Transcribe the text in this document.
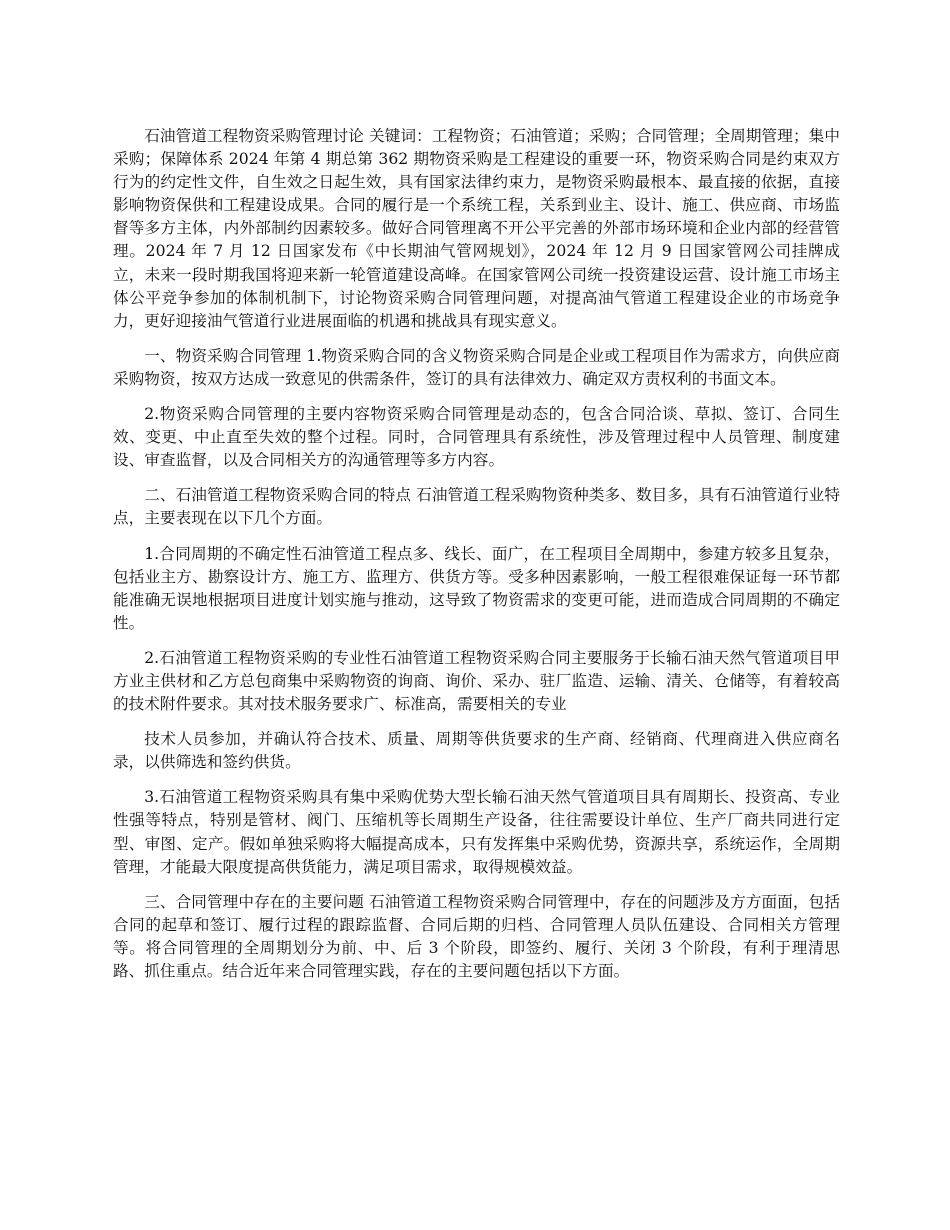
石油管道工程物资采购管理讨论 关键词：工程物资；石油管道；采购；合同管理；全周期管理；集中采购；保障体系 2024 年第 4 期总第 362 期物资采购是工程建设的重要一环，物资采购合同是约束双方行为的约定性文件，自生效之日起生效，具有国家法律约束力，是物资采购最根本、最直接的依据，直接影响物资保供和工程建设成果。合同的履行是一个系统工程，关系到业主、设计、施工、供应商、市场监督等多方主体，内外部制约因素较多。做好合同管理离不开公平完善的外部市场环境和企业内部的经营管理。2024 年 7 月 12 日国家发布《中长期油气管网规划》，2024 年 12 月 9 日国家管网公司挂牌成立，未来一段时期我国将迎来新一轮管道建设高峰。在国家管网公司统一投资建设运营、设计施工市场主体公平竞争参加的体制机制下，讨论物资采购合同管理问题，对提高油气管道工程建设企业的市场竞争力，更好迎接油气管道行业进展面临的机遇和挑战具有现实意义。

一、物资采购合同管理 1.物资采购合同的含义物资采购合同是企业或工程项目作为需求方，向供应商采购物资，按双方达成一致意见的供需条件，签订的具有法律效力、确定双方责权利的书面文本。

2.物资采购合同管理的主要内容物资采购合同管理是动态的，包含合同洽谈、草拟、签订、合同生效、变更、中止直至失效的整个过程。同时，合同管理具有系统性，涉及管理过程中人员管理、制度建设、审查监督，以及合同相关方的沟通管理等多方内容。

二、石油管道工程物资采购合同的特点 石油管道工程采购物资种类多、数目多，具有石油管道行业特点，主要表现在以下几个方面。

1.合同周期的不确定性石油管道工程点多、线长、面广，在工程项目全周期中，参建方较多且复杂，包括业主方、勘察设计方、施工方、监理方、供货方等。受多种因素影响，一般工程很难保证每一环节都能准确无误地根据项目进度计划实施与推动，这导致了物资需求的变更可能，进而造成合同周期的不确定性。

2.石油管道工程物资采购的专业性石油管道工程物资采购合同主要服务于长输石油天然气管道项目甲方业主供材和乙方总包商集中采购物资的询商、询价、采办、驻厂监造、运输、清关、仓储等，有着较高的技术附件要求。其对技术服务要求广、标准高，需要相关的专业

技术人员参加，并确认符合技术、质量、周期等供货要求的生产商、经销商、代理商进入供应商名录，以供筛选和签约供货。

3.石油管道工程物资采购具有集中采购优势大型长输石油天然气管道项目具有周期长、投资高、专业性强等特点，特别是管材、阀门、压缩机等长周期生产设备，往往需要设计单位、生产厂商共同进行定型、审图、定产。假如单独采购将大幅提高成本，只有发挥集中采购优势，资源共享，系统运作，全周期管理，才能最大限度提高供货能力，满足项目需求，取得规模效益。

三、合同管理中存在的主要问题 石油管道工程物资采购合同管理中，存在的问题涉及方方面面，包括合同的起草和签订、履行过程的跟踪监督、合同后期的归档、合同管理人员队伍建设、合同相关方管理等。将合同管理的全周期划分为前、中、后 3 个阶段，即签约、履行、关闭 3 个阶段，有利于理清思路、抓住重点。结合近年来合同管理实践，存在的主要问题包括以下方面。
